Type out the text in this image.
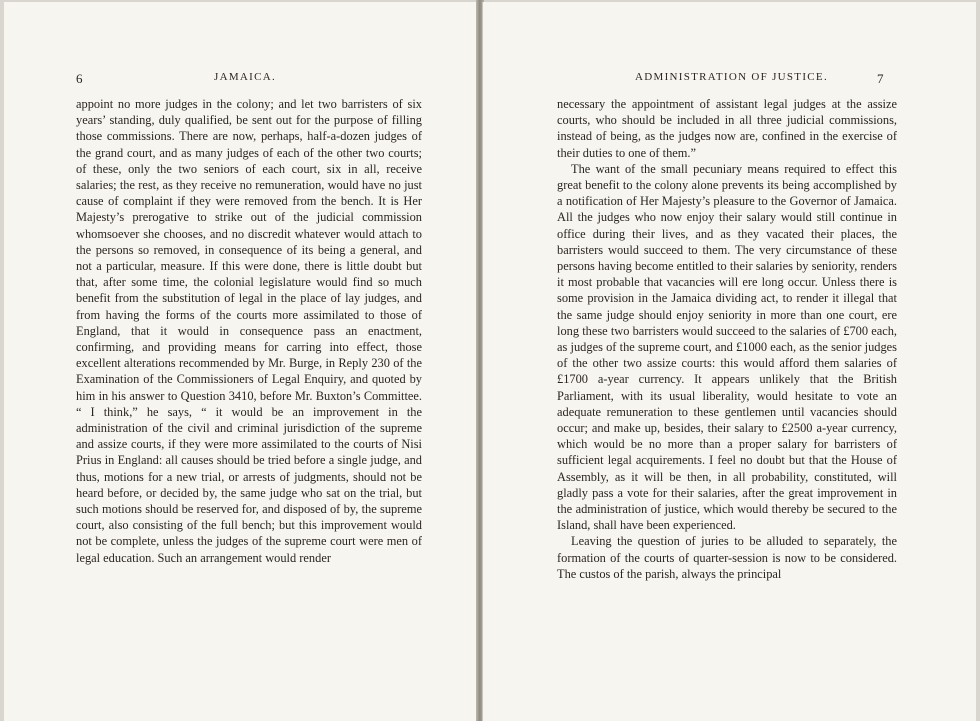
6	JAMAICA.

appoint no more judges in the colony; and let two barristers of six years’ standing, duly qualified, be sent out for the purpose of filling those commissions. There are now, perhaps, half-a-dozen judges of the grand court, and as many judges of each of the other two courts; of these, only the two seniors of each court, six in all, receive salaries; the rest, as they receive no remuneration, would have no just cause of complaint if they were removed from the bench. It is Her Majesty’s prerogative to strike out of the judicial commission whomsoever she chooses, and no discredit whatever would attach to the persons so removed, in consequence of its being a general, and not a particular, measure. If this were done, there is little doubt but that, after some time, the colonial legislature would find so much benefit from the substitution of legal in the place of lay judges, and from having the forms of the courts more assimilated to those of England, that it would in consequence pass an enactment, confirming, and providing means for carring into effect, those excellent alterations recommended by Mr. Burge, in Reply 230 of the Examination of the Commissioners of Legal Enquiry, and quoted by him in his answer to Question 3410, before Mr. Buxton’s Committee. “ I think,” he says, “ it would be an improvement in the administration of the civil and criminal jurisdiction of the supreme and assize courts, if they were more assimilated to the courts of Nisi Prius in England: all causes should be tried before a single judge, and thus, motions for a new trial, or arrests of judgments, should not be heard before, or decided by, the same judge who sat on the trial, but such motions should be reserved for, and disposed of by, the supreme court, also consisting of the full bench; but this improvement would not be complete, unless the judges of the supreme court were men of legal education. Such an arrangement would render

ADMINISTRATION OF JUSTICE.	7

necessary the appointment of assistant legal judges at the assize courts, who should be included in all three judicial commissions, instead of being, as the judges now are, confined in the exercise of their duties to one of them.”

The want of the small pecuniary means required to effect this great benefit to the colony alone prevents its being accomplished by a notification of Her Majesty’s pleasure to the Governor of Jamaica. All the judges who now enjoy their salary would still continue in office during their lives, and as they vacated their places, the barristers would succeed to them. The very circumstance of these persons having become entitled to their salaries by seniority, renders it most probable that vacancies will ere long occur. Unless there is some provision in the Jamaica dividing act, to render it illegal that the same judge should enjoy seniority in more than one court, ere long these two barristers would succeed to the salaries of £700 each, as judges of the supreme court, and £1000 each, as the senior judges of the other two assize courts: this would afford them salaries of £1700 a-year currency. It appears unlikely that the British Parliament, with its usual liberality, would hesitate to vote an adequate remuneration to these gentlemen until vacancies should occur; and make up, besides, their salary to £2500 a-year currency, which would be no more than a proper salary for barristers of sufficient legal acquirements. I feel no doubt but that the House of Assembly, as it will be then, in all probability, constituted, will gladly pass a vote for their salaries, after the great improvement in the administration of justice, which would thereby be secured to the Island, shall have been experienced.

Leaving the question of juries to be alluded to separately, the formation of the courts of quarter-session is now to be considered. The custos of the parish, always the principal
